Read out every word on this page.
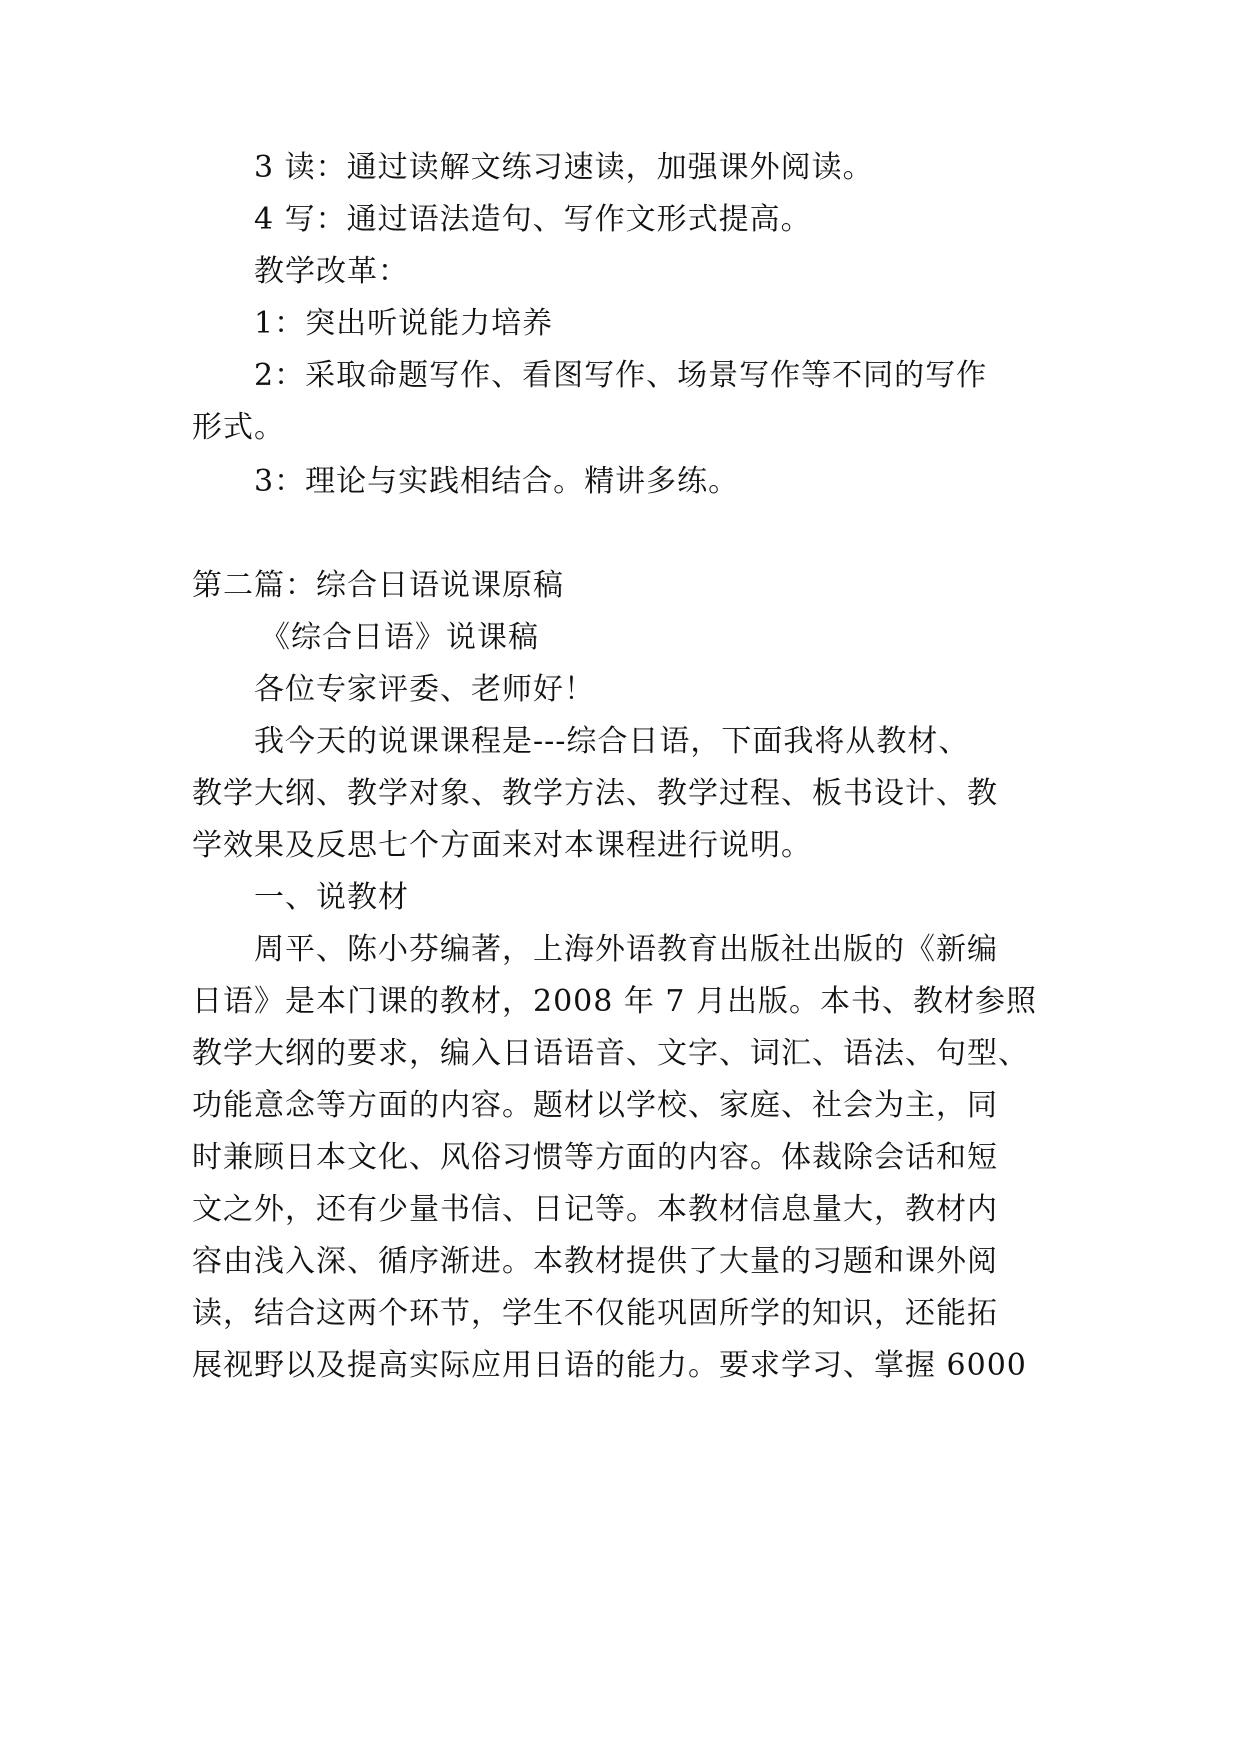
3 读：通过读解文练习速读，加强课外阅读。
4 写：通过语法造句、写作文形式提高。
教学改革：
1：突出听说能力培养
2：采取命题写作、看图写作、场景写作等不同的写作
形式。
3：理论与实践相结合。精讲多练。
第二篇：综合日语说课原稿
《综合日语》说课稿
各位专家评委、老师好！
我今天的说课课程是---综合日语，下面我将从教材、
教学大纲、教学对象、教学方法、教学过程、板书设计、教
学效果及反思七个方面来对本课程进行说明。
一、说教材
周平、陈小芬编著，上海外语教育出版社出版的《新编
日语》是本门课的教材，2008 年 7 月出版。本书、教材参照
教学大纲的要求，编入日语语音、文字、词汇、语法、句型、
功能意念等方面的内容。题材以学校、家庭、社会为主，同
时兼顾日本文化、风俗习惯等方面的内容。体裁除会话和短
文之外，还有少量书信、日记等。本教材信息量大，教材内
容由浅入深、循序渐进。本教材提供了大量的习题和课外阅
读，结合这两个环节，学生不仅能巩固所学的知识，还能拓
展视野以及提高实际应用日语的能力。要求学习、掌握 6000
